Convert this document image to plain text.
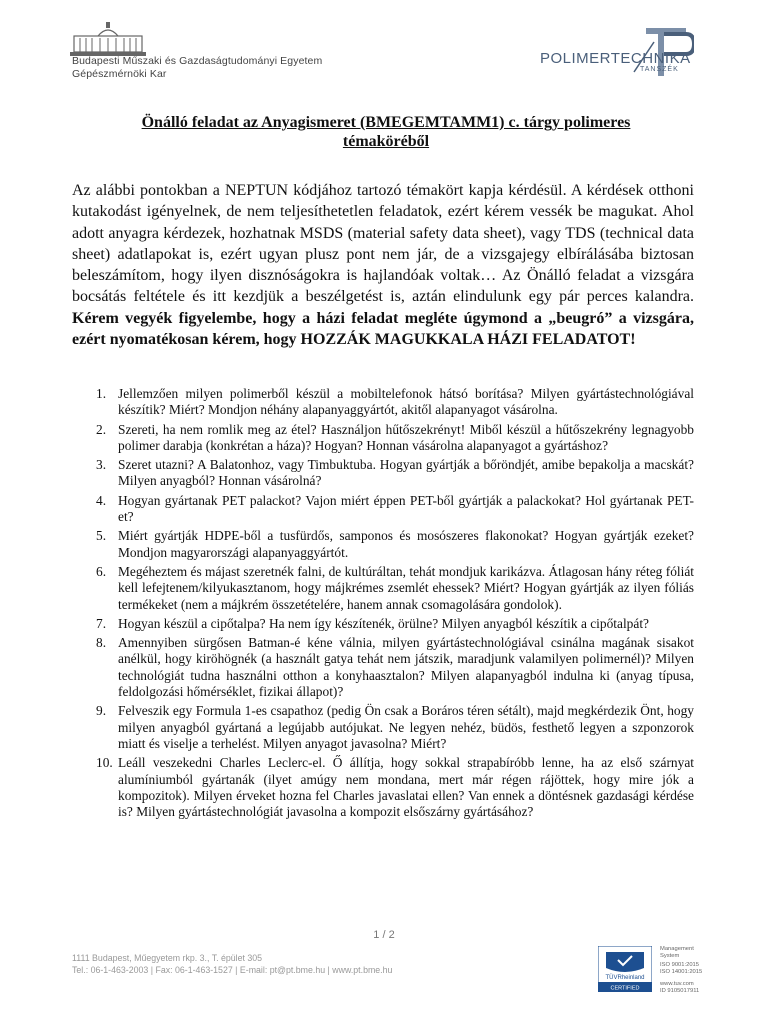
Budapesti Műszaki és Gazdaságtudományi Egyetem
Gépészmérnöki Kar
POLIMERTECHNIKA
TANSZÉK
Önálló feladat az Anyagismeret (BMEGEMTAMM1) c. tárgy polimeres
témaköréből
Az alábbi pontokban a NEPTUN kódjához tartozó témakört kapja kérdésül. A kérdések otthoni kutakodást igényelnek, de nem teljesíthetetlen feladatok, ezért kérem vessék be magukat. Ahol adott anyagra kérdezek, hozhatnak MSDS (material safety data sheet), vagy TDS (technical data sheet) adatlapokat is, ezért ugyan plusz pont nem jár, de a vizsgajegy elbírálásába biztosan beleszámítom, hogy ilyen disznóságokra is hajlandóak voltak… Az Önálló feladat a vizsgára bocsátás feltétele és itt kezdjük a beszélgetést is, aztán elindulunk egy pár perces kalandra. Kérem vegyék figyelembe, hogy a házi feladat megléte úgymond a „beugró” a vizsgára, ezért nyomatékosan kérem, hogy HOZZÁK MAGUKKALA HÁZI FELADATOT!
1. Jellemzően milyen polimerből készül a mobiltelefonok hátsó borítása? Milyen gyártástechnológiával készítik? Miért? Mondjon néhány alapanyaggyártót, akitől alapanyagot vásárolna.
2. Szereti, ha nem romlik meg az étel? Használjon hűtőszekrényt! Miből készül a hűtőszekrény legnagyobb polimer darabja (konkrétan a háza)? Hogyan? Honnan vásárolna alapanyagot a gyártáshoz?
3. Szeret utazni? A Balatonhoz, vagy Timbuktuba. Hogyan gyártják a bőröndjét, amibe bepakolja a macskát? Milyen anyagból? Honnan vásárolná?
4. Hogyan gyártanak PET palackot? Vajon miért éppen PET-ből gyártják a palackokat? Hol gyártanak PET-et?
5. Miért gyártják HDPE-ből a tusfürdős, samponos és mosószeres flakonokat? Hogyan gyártják ezeket? Mondjon magyarországi alapanyaggyártót.
6. Megéheztem és májast szeretnék falni, de kultúráltan, tehát mondjuk karikázva. Átlagosan hány réteg fóliát kell lefejtenem/kilyukasztanom, hogy májkrémes zsemlét ehessek? Miért? Hogyan gyártják az ilyen fóliás termékeket (nem a májkrém összetételére, hanem annak csomagolására gondolok).
7. Hogyan készül a cipőtalpa? Ha nem így készítenék, örülne? Milyen anyagból készítik a cipőtalpát?
8. Amennyiben sürgősen Batman-é kéne válnia, milyen gyártástechnológiával csinálna magának sisakot anélkül, hogy kiröhögnék (a használt gatya tehát nem játszik, maradjunk valamilyen polimernél)? Milyen technológiát tudna használni otthon a konyhaasztalon? Milyen alapanyagból indulna ki (anyag típusa, feldolgozási hőmérséklet, fizikai állapot)?
9. Felveszik egy Formula 1-es csapathoz (pedig Ön csak a Boráros téren sétált), majd megkérdezik Önt, hogy milyen anyagból gyártaná a legújabb autójukat. Ne legyen nehéz, büdös, festhető legyen a szponzorok miatt és viselje a terhelést. Milyen anyagot javasolna? Miért?
10. Leáll veszekedni Charles Leclerc-el. Ő állítja, hogy sokkal strapabíróbb lenne, ha az első szárnyat alumíniumból gyártanák (ilyet amúgy nem mondana, mert már régen rájöttek, hogy mire jók a kompozitok). Milyen érveket hozna fel Charles javaslatai ellen? Van ennek a döntésnek gazdasági kérdése is? Milyen gyártástechnológiát javasolna a kompozit elsőszárny gyártásához?
1 / 2
1111 Budapest, Műegyetem rkp. 3., T. épület 305
Tel.: 06-1-463-2003 | Fax: 06-1-463-1527 | E-mail: pt@pt.bme.hu | www.pt.bme.hu
TÜVRheinland
CERTIFIED
Management
System
ISO 9001:2015
ISO 14001:2015
www.tuv.com
ID 9105017911
